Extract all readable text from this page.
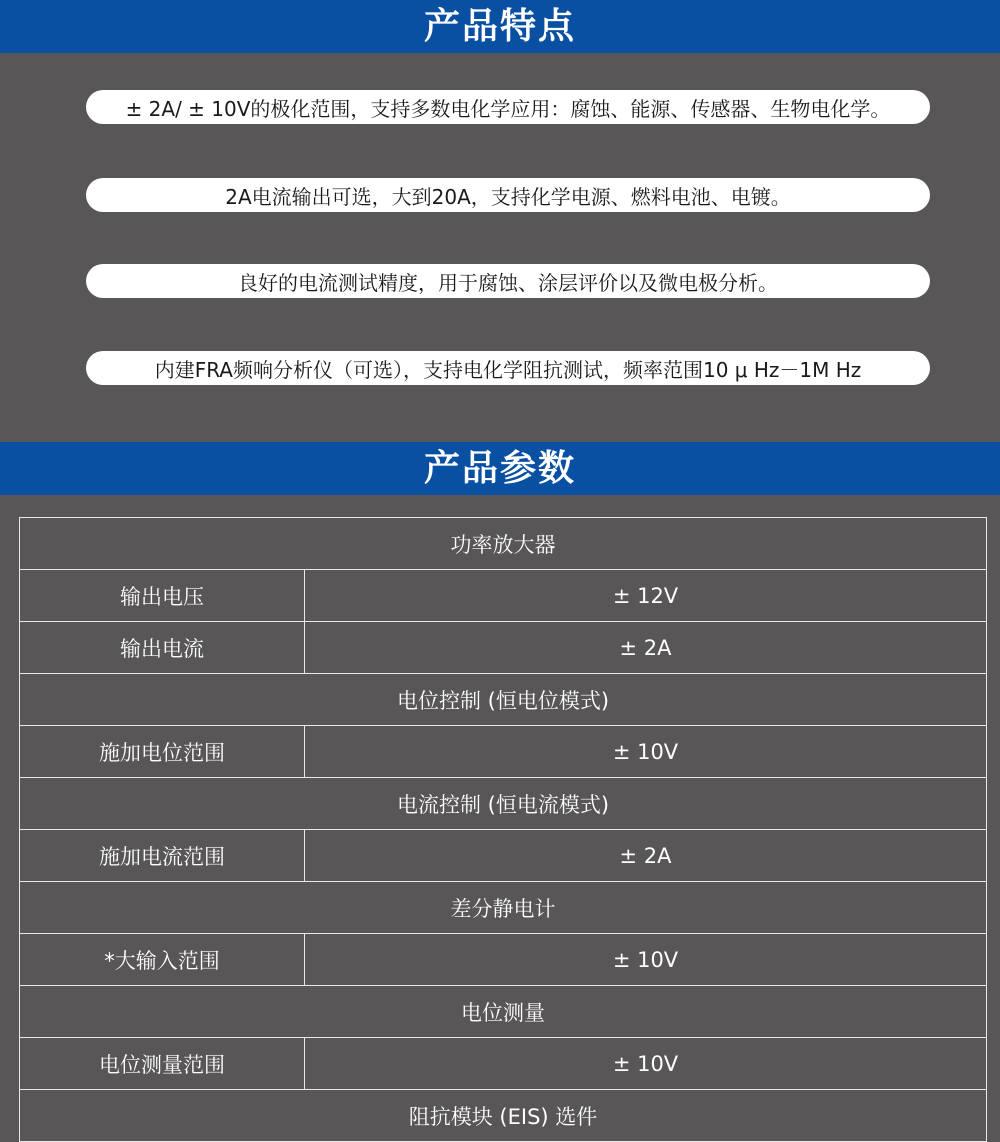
产品特点
± 2A/ ± 10V的极化范围，支持多数电化学应用：腐蚀、能源、传感器、生物电化学。
2A电流输出可选，大到20A，支持化学电源、燃料电池、电镀。
良好的电流测试精度，用于腐蚀、涂层评价以及微电极分析。
内建FRA频响分析仪（可选），支持电化学阻抗测试，频率范围10 μ Hz－1M Hz
产品参数
功率放大器	
输出电压	± 12V
输出电流	± 2A
电位控制 (恒电位模式)	
施加电位范围	± 10V
电流控制 (恒电流模式)	
施加电流范围	± 2A
差分静电计	
*大输入范围	± 10V
电位测量	
电位测量范围	± 10V
阻抗模块 (EIS) 选件	
